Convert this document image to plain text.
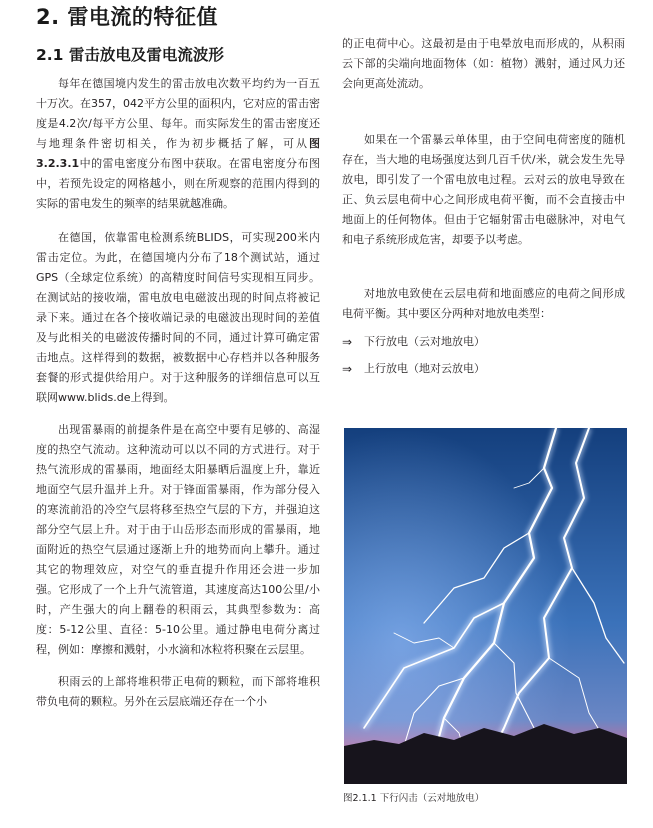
2. 雷电流的特征值
2.1 雷击放电及雷电流波形

每年在德国境内发生的雷击放电次数平均约为一百五十万次。在357，042平方公里的面积内，它对应的雷击密度是4.2次/每平方公里、每年。而实际发生的雷击密度还与地理条件密切相关，作为初步概括了解，可从图3.2.3.1中的雷电密度分布图中获取。在雷电密度分布图中，若预先设定的网格越小，则在所观察的范围内得到的实际的雷电发生的频率的结果就越准确。

在德国，依靠雷电检测系统BLIDS，可实现200米内雷击定位。为此，在德国境内分布了18个测试站，通过GPS（全球定位系统）的高精度时间信号实现相互同步。在测试站的接收端，雷电放电电磁波出现的时间点将被记录下来。通过在各个接收端记录的电磁波出现时间的差值及与此相关的电磁波传播时间的不同，通过计算可确定雷击地点。这样得到的数据，被数据中心存档并以各种服务套餐的形式提供给用户。对于这种服务的详细信息可以互联网www.blids.de上得到。

出现雷暴雨的前提条件是在高空中要有足够的、高湿度的热空气流动。这种流动可以以不同的方式进行。对于热气流形成的雷暴雨，地面经太阳暴晒后温度上升，靠近地面空气层升温并上升。对于锋面雷暴雨，作为部分侵入的寒流前沿的冷空气层将移至热空气层的下方，并强迫这部分空气层上升。对于由于山岳形态而形成的雷暴雨，地面附近的热空气层通过逐渐上升的地势而向上攀升。通过其它的物理效应，对空气的垂直提升作用还会进一步加强。它形成了一个上升气流管道，其速度高达100公里/小时，产生强大的向上翻卷的积雨云，其典型参数为：高度：5-12公里、直径：5-10公里。通过静电电荷分离过程，例如：摩擦和溅射，小水滴和冰粒将积聚在云层里。

积雨云的上部将堆积带正电荷的颗粒，而下部将堆积带负电荷的颗粒。另外在云层底端还存在一个小

的正电荷中心。这最初是由于电晕放电而形成的，从积雨云下部的尖端向地面物体（如：植物）溅射，通过风力还会向更高处流动。

如果在一个雷暴云单体里，由于空间电荷密度的随机存在，当大地的电场强度达到几百千伏/米，就会发生先导放电，即引发了一个雷电放电过程。云对云的放电导致在正、负云层电荷中心之间形成电荷平衡，而不会直接击中地面上的任何物体。但由于它辐射雷击电磁脉冲，对电气和电子系统形成危害，却要予以考虑。

对地放电致使在云层电荷和地面感应的电荷之间形成电荷平衡。其中要区分两种对地放电类型：

⇒	下行放电（云对地放电）
⇒	上行放电（地对云放电）
图2.1.1 下行闪击（云对地放电）
